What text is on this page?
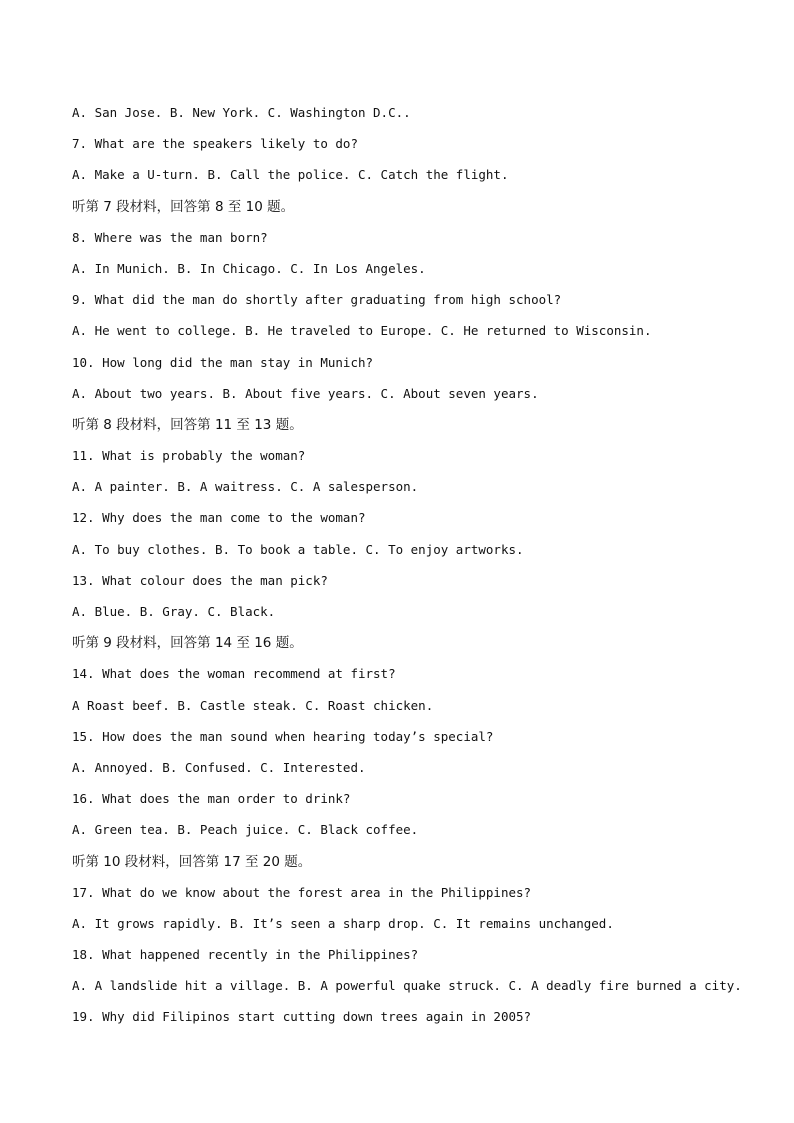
A. San Jose. B. New York. C. Washington D.C..
7. What are the speakers likely to do?
A. Make a U-turn. B. Call the police. C. Catch the flight.
听第 7 段材料，回答第 8 至 10 题。
8. Where was the man born?
A. In Munich. B. In Chicago. C. In Los Angeles.
9. What did the man do shortly after graduating from high school?
A. He went to college. B. He traveled to Europe. C. He returned to Wisconsin.
10. How long did the man stay in Munich?
A. About two years. B. About five years. C. About seven years.
听第 8 段材料，回答第 11 至 13 题。
11. What is probably the woman?
A. A painter. B. A waitress. C. A salesperson.
12. Why does the man come to the woman?
A. To buy clothes. B. To book a table. C. To enjoy artworks.
13. What colour does the man pick?
A. Blue. B. Gray. C. Black.
听第 9 段材料，回答第 14 至 16 题。
14. What does the woman recommend at first?
A Roast beef. B. Castle steak. C. Roast chicken.
15. How does the man sound when hearing today’s special?
A. Annoyed. B. Confused. C. Interested.
16. What does the man order to drink?
A. Green tea. B. Peach juice. C. Black coffee.
听第 10 段材料，回答第 17 至 20 题。
17. What do we know about the forest area in the Philippines?
A. It grows rapidly. B. It’s seen a sharp drop. C. It remains unchanged.
18. What happened recently in the Philippines?
A. A landslide hit a village. B. A powerful quake struck. C. A deadly fire burned a city.
19. Why did Filipinos start cutting down trees again in 2005?
